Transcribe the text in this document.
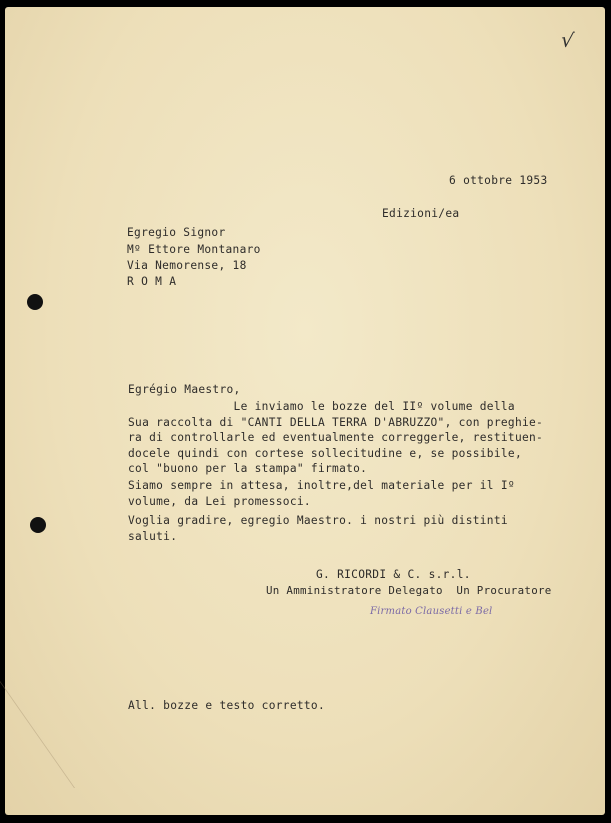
√
6 ottobre 1953
Edizioni/ea
Egregio Signor
Mº Ettore Montanaro
Via Nemorense, 18
R O M A
Egrégio Maestro,
Le inviamo le bozze del IIº volume della
Sua raccolta di "CANTI DELLA TERRA D'ABRUZZO", con preghie-
ra di controllarle ed eventualmente correggerle, restituen-
docele quindi con cortese sollecitudine e, se possibile,
col "buono per la stampa" firmato.
Siamo sempre in attesa, inoltre,del materiale per il Iº
volume, da Lei promessoci.
Voglia gradire, egregio Maestro. i nostri più distinti
saluti.
G. RICORDI & C. s.r.l.
Un Amministratore Delegato  Un Procuratore
Firmato Clausetti e Bel
All. bozze e testo corretto.
